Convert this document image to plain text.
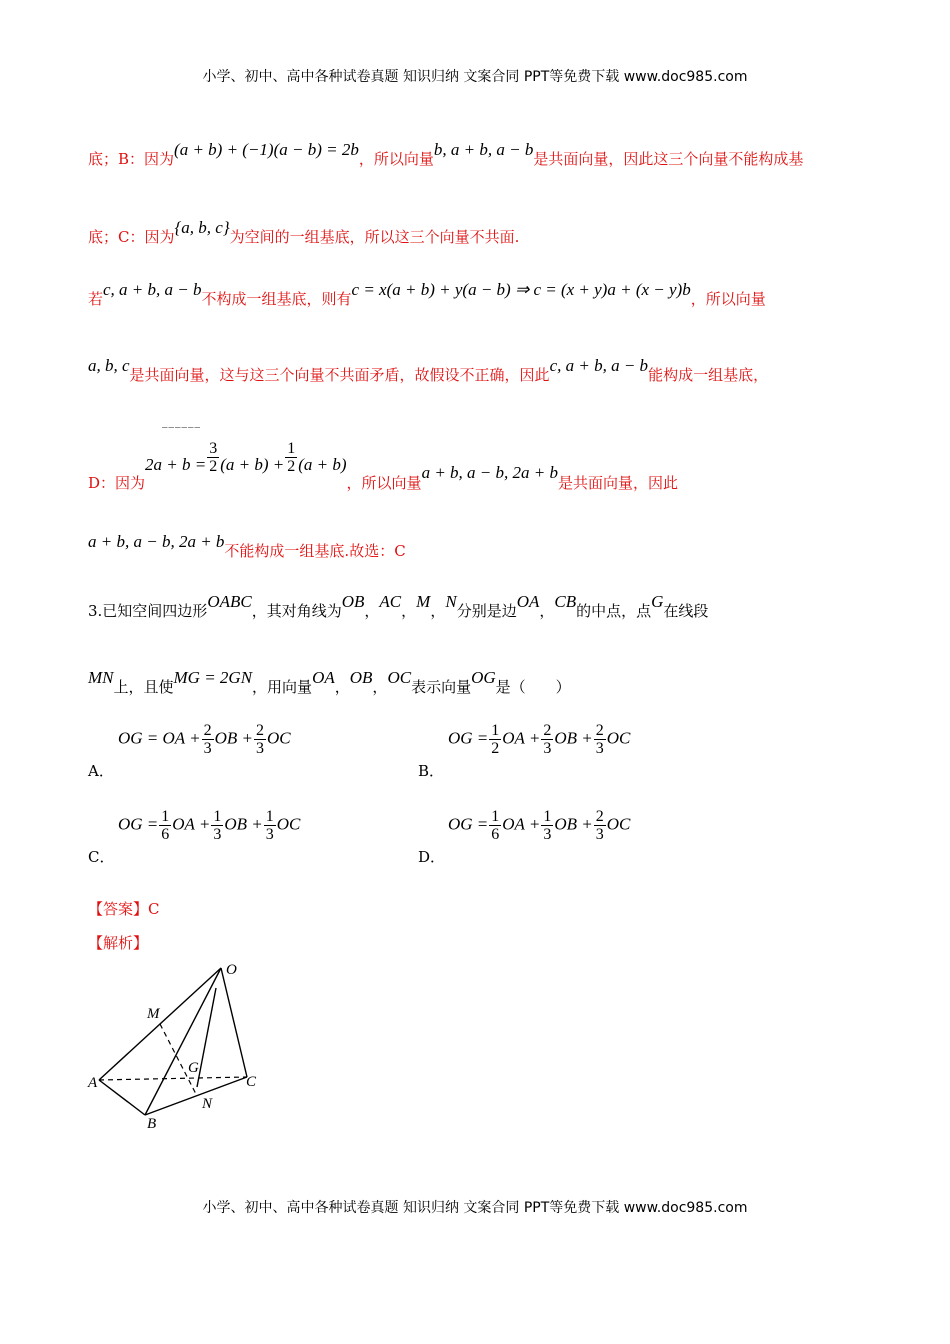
小学、初中、高中各种试卷真题 知识归纳 文案合同 PPT等免费下载 www.doc985.com
底；B：因为(a + b) + (−1)(a − b) = 2b，所以向量b, a + b, a − b是共面向量，因此这三个向量不能构成基
底；C：因为{a, b, c}为空间的一组基底，所以这三个向量不共面.
若c, a + b, a − b不构成一组基底，则有c = x(a + b) + y(a − b) ⇒ c = (x + y)a + (x − y)b，所以向量
a, b, c是共面向量，这与这三个向量不共面矛盾，故假设不正确，因此c, a + b, a − b能构成一组基底，
‾‾‾‾‾‾
D：因为$2a + b = \frac{3}{2} (a + b) + \frac{1}{2} (a + b)$，所以向量a + b, a − b, 2a + b是共面向量，因此
a + b, a − b, 2a + b不能构成一组基底.故选：C
3.已知空间四边形OABC，其对角线为OB，AC，M，N分别是边OA，CB的中点，点G在线段
MN上，且使MG = 2GN，用向量OA，OB，OC表示向量OG是（　　）
A．
OG = OA + $\frac{2}{3}$ OB + $\frac{2}{3}$ OC
B．
OG = $\frac{1}{2}$ OA + $\frac{2}{3}$ OB + $\frac{2}{3}$ OC
C．
OG = $\frac{1}{6}$ OA + $\frac{1}{3}$ OB + $\frac{1}{3}$ OC
D．
OG = $\frac{1}{6}$ OA + $\frac{1}{3}$ OB + $\frac{2}{3}$ OC
【答案】C
【解析】
O
M
G
A	C
N
B
小学、初中、高中各种试卷真题 知识归纳 文案合同 PPT等免费下载 www.doc985.com
